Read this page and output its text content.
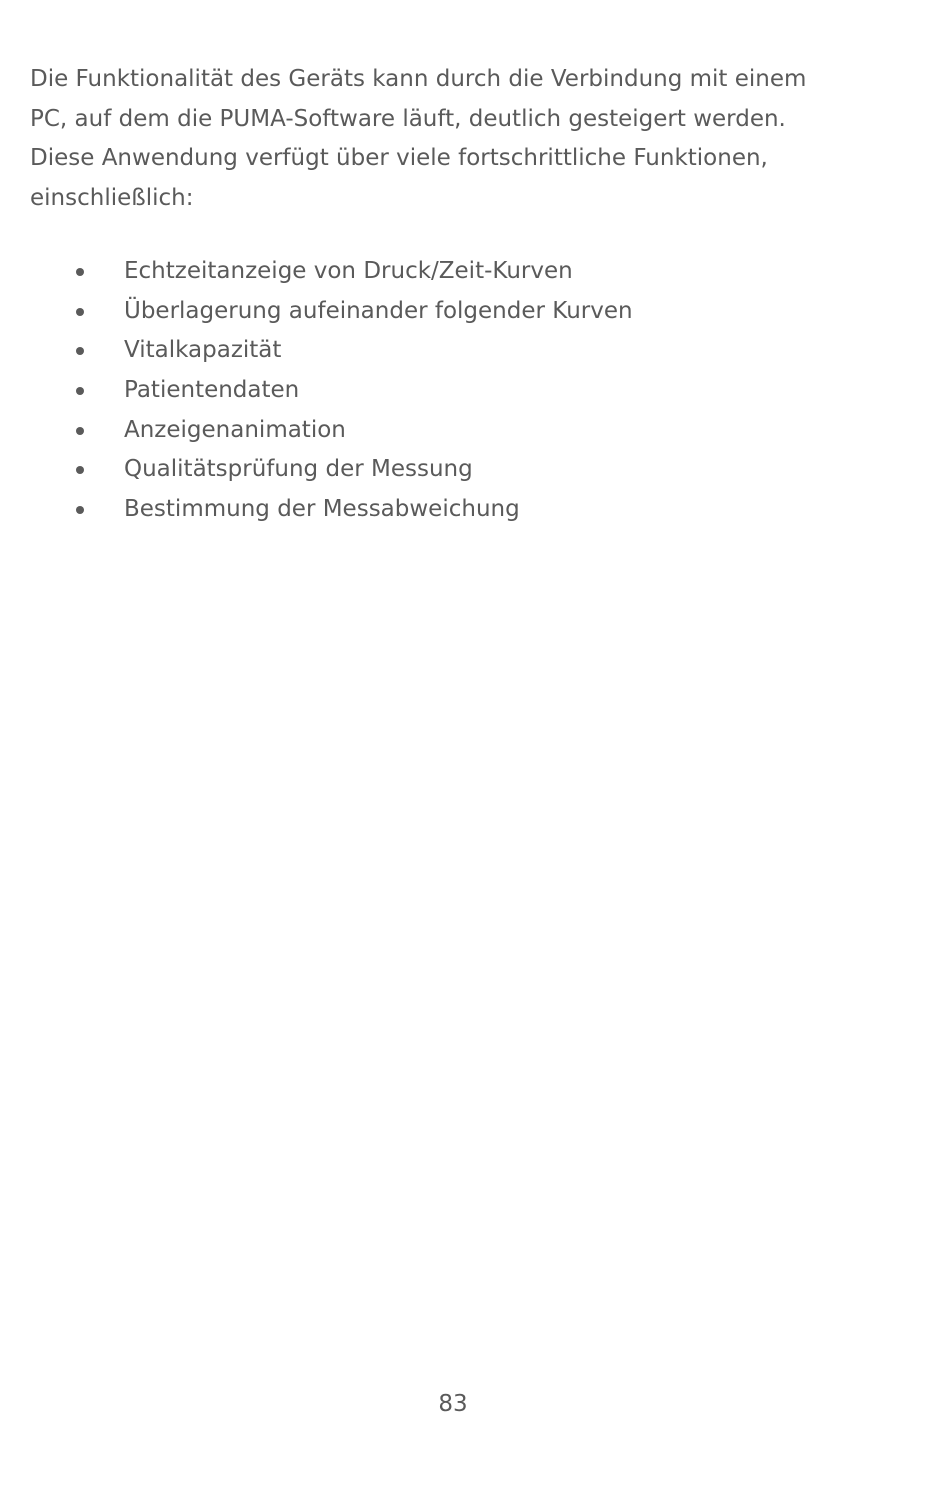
Die Funktionalität des Geräts kann durch die Verbindung mit einem
PC, auf dem die PUMA-Software läuft, deutlich gesteigert werden.
Diese Anwendung verfügt über viele fortschrittliche Funktionen,
einschließlich:

Echtzeitanzeige von Druck/Zeit-Kurven
Überlagerung aufeinander folgender Kurven
Vitalkapazität
Patientendaten
Anzeigenanimation
Qualitätsprüfung der Messung
Bestimmung der Messabweichung
83
